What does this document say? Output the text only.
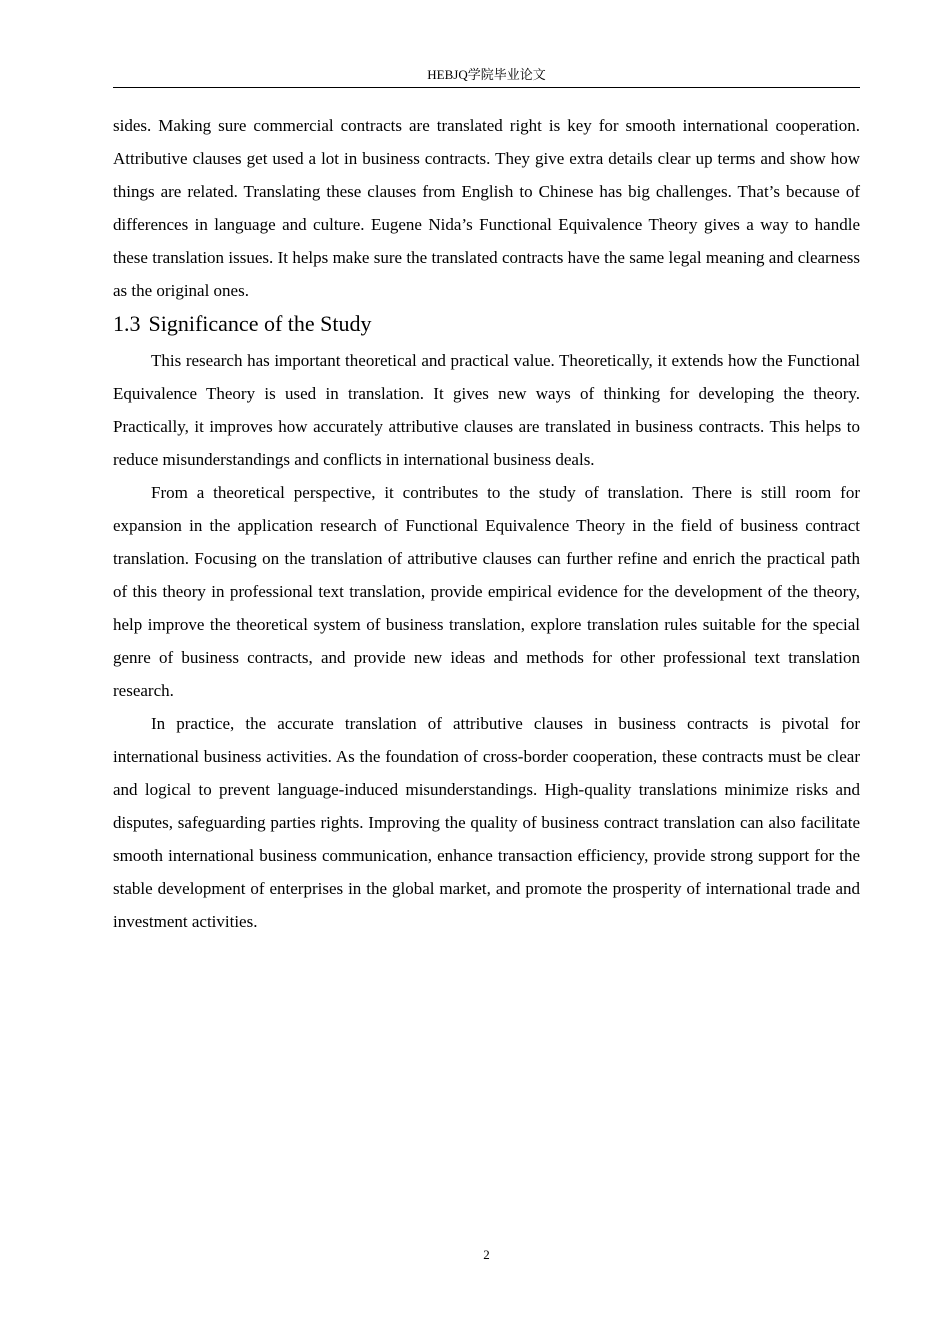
HEBJQ学院毕业论文

sides. Making sure commercial contracts are translated right is key for smooth international cooperation. Attributive clauses get used a lot in business contracts. They give extra details clear up terms and show how things are related. Translating these clauses from English to Chinese has big challenges. That’s because of differences in language and culture. Eugene Nida’s Functional Equivalence Theory gives a way to handle these translation issues. It helps make sure the translated contracts have the same legal meaning and clearness as the original ones.

1.3 Significance of the Study

This research has important theoretical and practical value. Theoretically, it extends how the Functional Equivalence Theory is used in translation. It gives new ways of thinking for developing the theory. Practically, it improves how accurately attributive clauses are translated in business contracts. This helps to reduce misunderstandings and conflicts in international business deals.

From a theoretical perspective, it contributes to the study of translation. There is still room for expansion in the application research of Functional Equivalence Theory in the field of business contract translation. Focusing on the translation of attributive clauses can further refine and enrich the practical path of this theory in professional text translation, provide empirical evidence for the development of the theory, help improve the theoretical system of business translation, explore translation rules suitable for the special genre of business contracts, and provide new ideas and methods for other professional text translation research.

In practice, the accurate translation of attributive clauses in business contracts is pivotal for international business activities. As the foundation of cross-border cooperation, these contracts must be clear and logical to prevent language-induced misunderstandings. High-quality translations minimize risks and disputes, safeguarding parties rights. Improving the quality of business contract translation can also facilitate smooth international business communication, enhance transaction efficiency, provide strong support for the stable development of enterprises in the global market, and promote the prosperity of international trade and investment activities.

2
